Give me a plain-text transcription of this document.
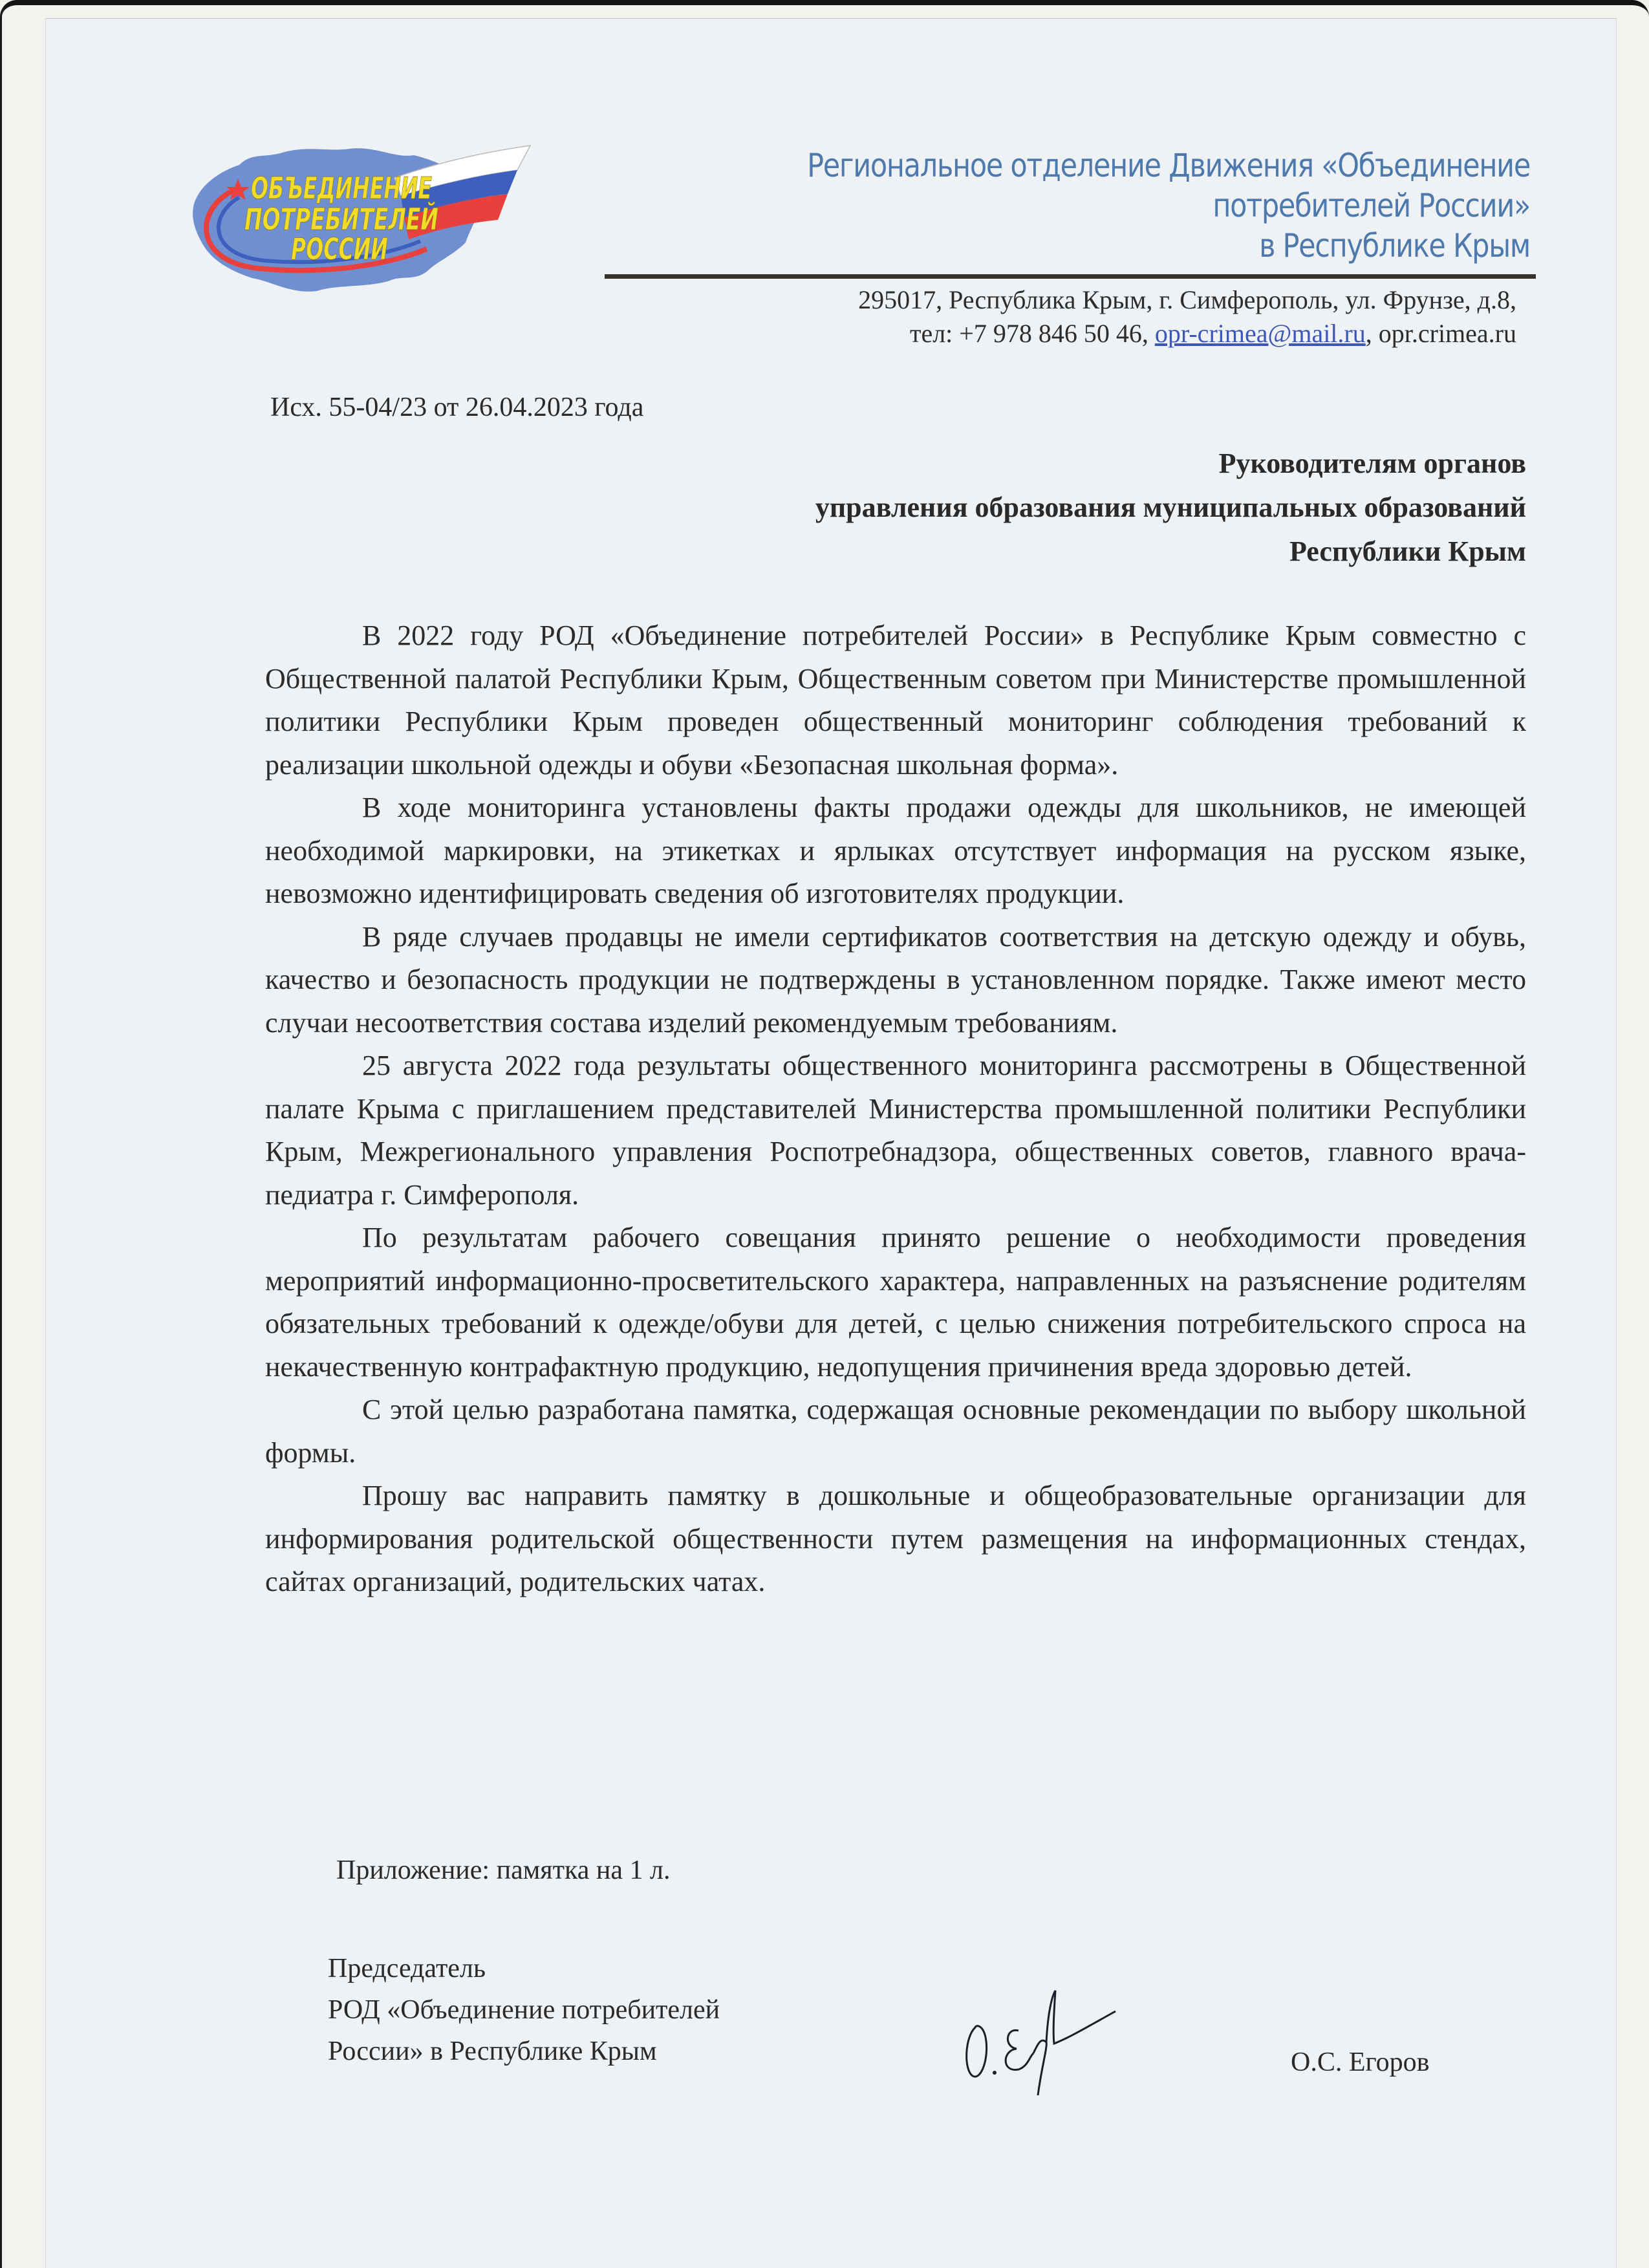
ОБЪЕДИНЕНИЕ
ПОТРЕБИТЕЛЕЙ
РОССИИ
Региональное отделение Движения «Объединение
потребителей России»
в Республике Крым
295017, Республика Крым, г. Симферополь, ул. Фрунзе, д.8,
тел: +7 978 846 50 46, opr-crimea@mail.ru, opr.crimea.ru
Исх. 55-04/23 от 26.04.2023 года
Руководителям органов
управления образования муниципальных образований
Республики Крым

В 2022 году РОД «Объединение потребителей России» в Республике Крым совместно с Общественной палатой Республики Крым, Общественным советом при Министерстве промышленной политики Республики Крым проведен общественный мониторинг соблюдения требований к реализации школьной одежды и обуви «Безопасная школьная форма».

В ходе мониторинга установлены факты продажи одежды для школьников, не имеющей необходимой маркировки, на этикетках и ярлыках отсутствует информация на русском языке, невозможно идентифицировать сведения об изготовителях продукции.

В ряде случаев продавцы не имели сертификатов соответствия на детскую одежду и обувь, качество и безопасность продукции не подтверждены в установленном порядке. Также имеют место случаи несоответствия состава изделий рекомендуемым требованиям.

25 августа 2022 года результаты общественного мониторинга рассмотрены в Общественной палате Крыма с приглашением представителей Министерства промышленной политики Республики Крым, Межрегионального управления Роспотребнадзора, общественных советов, главного врача-педиатра г. Симферополя.

По результатам рабочего совещания принято решение о необходимости проведения мероприятий информационно-просветительского характера, направленных на разъяснение родителям обязательных требований к одежде/обуви для детей, с целью снижения потребительского спроса на некачественную контрафактную продукцию, недопущения причинения вреда здоровью детей.

С этой целью разработана памятка, содержащая основные рекомендации по выбору школьной формы.

Прошу вас направить памятку в дошкольные и общеобразовательные организации для информирования родительской общественности путем размещения на информационных стендах, сайтах организаций, родительских чатах.

Приложение: памятка на 1 л.
Председатель
РОД «Объединение потребителей
России» в Республике Крым	О.С. Егоров
